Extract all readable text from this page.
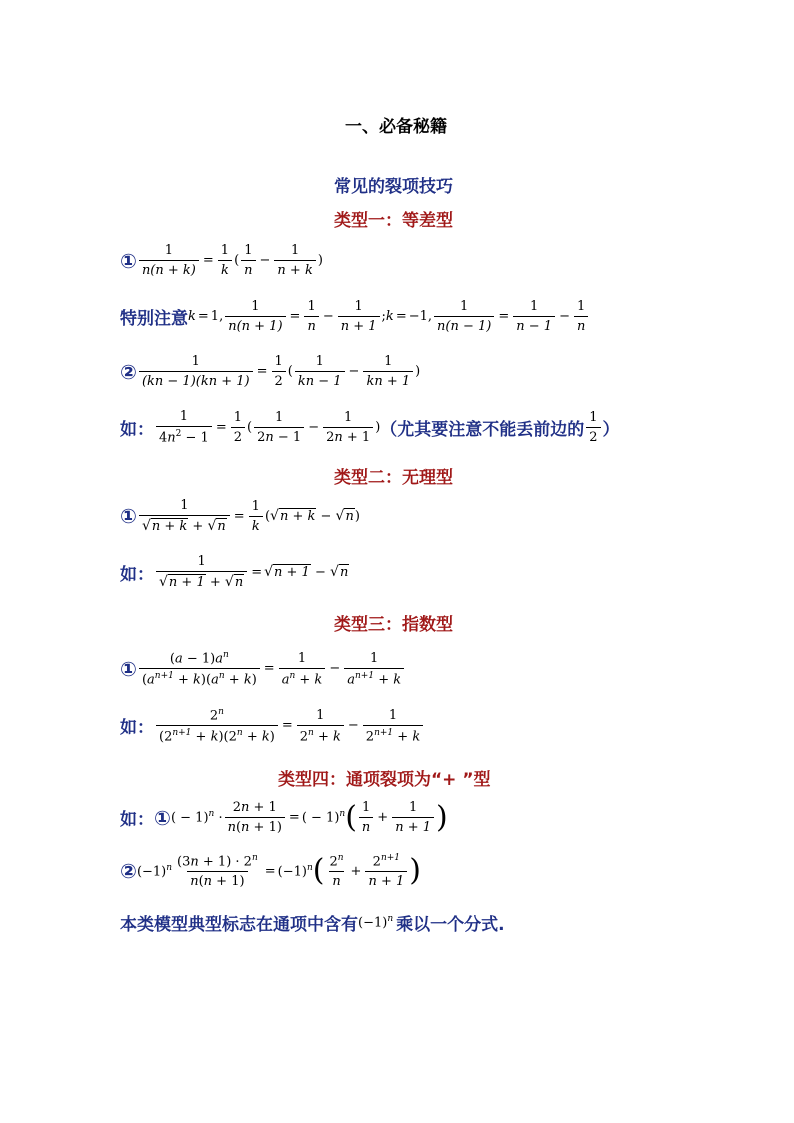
一、必备秘籍
常见的裂项技巧
类型一：等差型
① $\frac{1}{n(n + k)} = \frac{1}{k}$ ( $\frac{1}{n} - \frac{1}{n + k}$ )
特别注意 k = 1, $\frac{1}{n(n + 1)} = \frac{1}{n} - \frac{1}{n + 1}$ ; k = −1, $\frac{1}{n(n - 1)} = \frac{1}{n - 1} - \frac{1}{n}$
② $\frac{1}{(kn - 1)(kn + 1)} = \frac{1}{2}$ ( $\frac{1}{kn - 1} - \frac{1}{kn + 1}$ )
如： $\frac{1}{4n^2 - 1} = \frac{1}{2}$ ( $\frac{1}{2n - 1} - \frac{1}{2n + 1}$ ) （尤其要注意不能丢前边的 $\frac{1}{2}$ ）
类型二：无理型
① $\frac{1}{√n + k + √n} = \frac{1}{k} (√n + k - √n)$
如： $\frac{1}{√n + 1 + √n} = √n + 1 - √n$
类型三：指数型
① $\frac{(a - 1)a^n}{(a^{n+1} + k)(a^n + k)} = \frac{1}{a^n + k} - \frac{1}{a^{n+1} + k}$
如： $\frac{2^n}{(2^{n+1} + k)(2^n + k)} = \frac{1}{2^n + k} - \frac{1}{2^{n+1} + k}$
类型四：通项裂项为“+ ”型
如： ① ( − $1)^n \cdot \frac{2n + 1}{n(n + 1)}$ = ( − 1)$^n$ ( $\frac{1}{n} + \frac{1}{n + 1}$ )
② $(-1)^n \frac{(3n + 1) \cdot 2^n}{n(n + 1)} = (-1)^n$ ( $\frac{2^n}{n} + \frac{2^{n+1}}{n + 1}$ )
本类模型典型标志在通项中含有 $(-1)^n$ 乘以一个分式.
